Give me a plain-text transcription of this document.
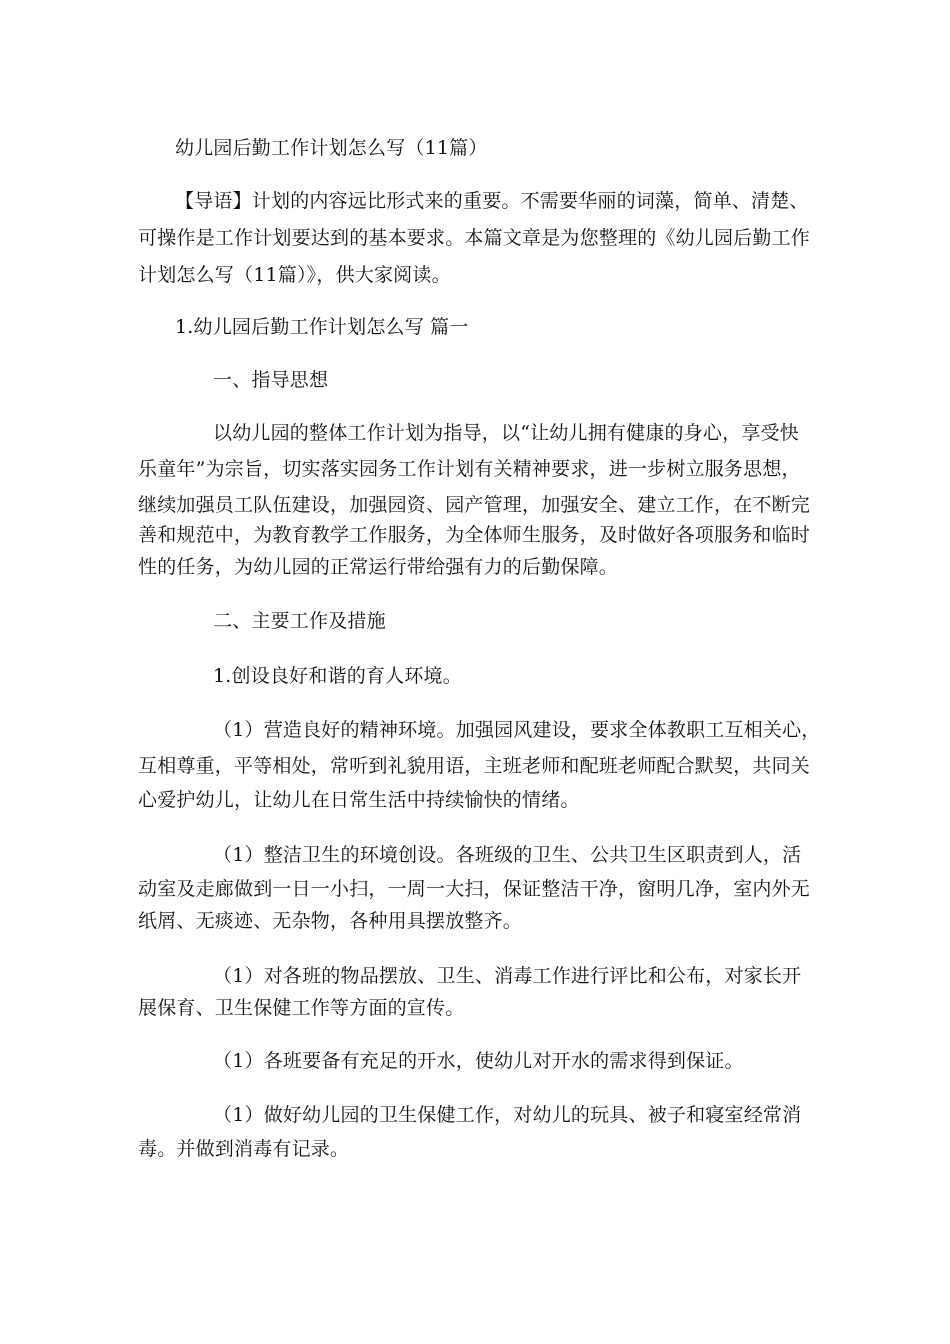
幼儿园后勤工作计划怎么写（11篇）
【导语】计划的内容远比形式来的重要。不需要华丽的词藻，简单、清楚、
可操作是工作计划要达到的基本要求。本篇文章是为您整理的《幼儿园后勤工作
计划怎么写（11篇）》，供大家阅读。
1.幼儿园后勤工作计划怎么写 篇一
一、指导思想
以幼儿园的整体工作计划为指导，以“让幼儿拥有健康的身心，享受快
乐童年”为宗旨，切实落实园务工作计划有关精神要求，进一步树立服务思想，
继续加强员工队伍建设，加强园资、园产管理，加强安全、建立工作，在不断完
善和规范中，为教育教学工作服务，为全体师生服务，及时做好各项服务和临时
性的任务，为幼儿园的正常运行带给强有力的后勤保障。
二、主要工作及措施
1.创设良好和谐的育人环境。
（1）营造良好的精神环境。加强园风建设，要求全体教职工互相关心，
互相尊重，平等相处，常听到礼貌用语，主班老师和配班老师配合默契，共同关
心爱护幼儿，让幼儿在日常生活中持续愉快的情绪。
（1）整洁卫生的环境创设。各班级的卫生、公共卫生区职责到人，活
动室及走廊做到一日一小扫，一周一大扫，保证整洁干净，窗明几净，室内外无
纸屑、无痰迹、无杂物，各种用具摆放整齐。
（1）对各班的物品摆放、卫生、消毒工作进行评比和公布，对家长开
展保育、卫生保健工作等方面的宣传。
（1）各班要备有充足的开水，使幼儿对开水的需求得到保证。
（1）做好幼儿园的卫生保健工作，对幼儿的玩具、被子和寝室经常消
毒。并做到消毒有记录。
